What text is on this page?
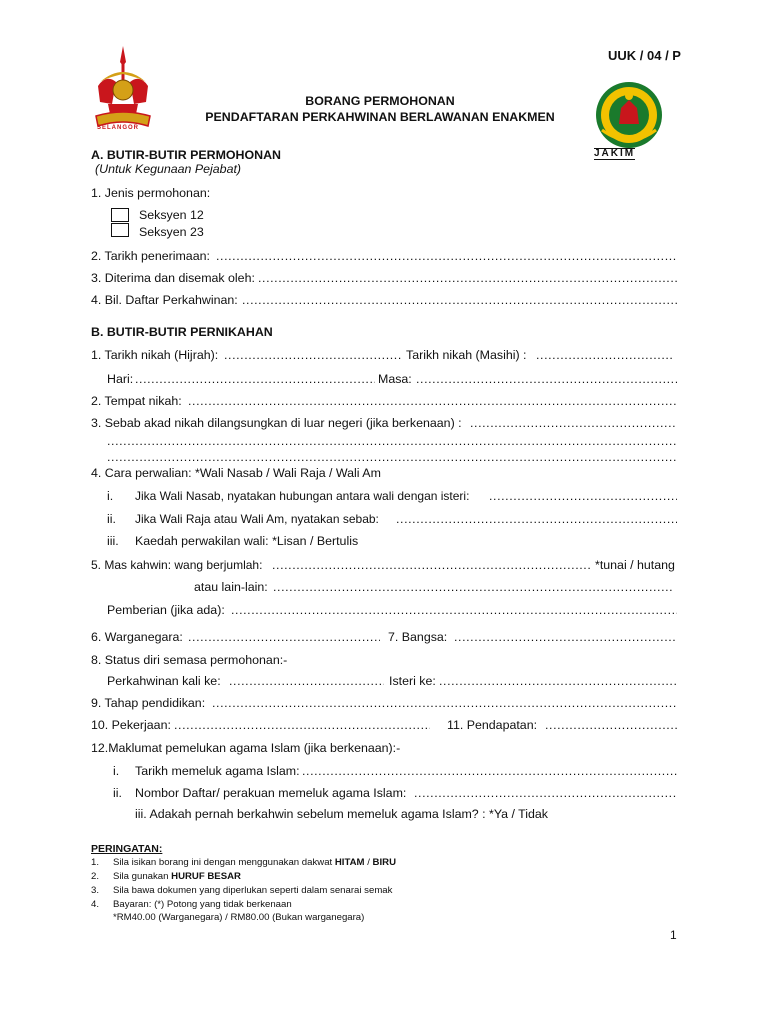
UUK / 04 / P
SELANGOR
JAKIM
BORANG PERMOHONAN
PENDAFTARAN PERKAHWINAN BERLAWANAN ENAKMEN
A. BUTIR-BUTIR PERMOHONAN
(Untuk Kegunaan Pejabat)
1. Jenis permohonan:
Seksyen 12
Seksyen 23
2. Tarikh penerimaan:
.....
3. Diterima dan disemak oleh:
.....
4. Bil. Daftar Perkahwinan:
.....
B. BUTIR-BUTIR PERNIKAHAN
1. Tarikh nikah (Hijrah): .....	Tarikh nikah (Masihi) :
.....
Hari: .....	Masa:
.....
2. Tempat nikah:
.....
3. Sebab akad nikah dilangsungkan di luar negeri (jika berkenaan) :
.....
.....
.....
4. Cara perwalian: *Wali Nasab / Wali Raja / Wali Am
i. Jika Wali Nasab, nyatakan hubungan antara wali dengan isteri:
.....
ii. Jika Wali Raja atau Wali Am, nyatakan sebab:
.....
iii. Kaedah perwakilan wali: *Lisan / Bertulis
5. Mas kahwin: wang berjumlah: .....	*tunai / hutang
atau lain-lain:
.....
Pemberian (jika ada):
.....
6. Warganegara: .....	7. Bangsa:
.....
8. Status diri semasa permohonan:-
Perkahwinan kali ke: .....	Isteri ke:
.....
9. Tahap pendidikan:
.....
10. Pekerjaan: .....	11. Pendapatan:
.....
12.Maklumat pemelukan agama Islam (jika berkenaan):-
i. Tarikh memeluk agama Islam:
.....
ii. Nombor Daftar/ perakuan memeluk agama Islam:
.....
iii. Adakah pernah berkahwin sebelum memeluk agama Islam? : *Ya / Tidak
PERINGATAN:
1. Sila isikan borang ini dengan menggunakan dakwat HITAM / BIRU
2. Sila gunakan HURUF BESAR
3. Sila bawa dokumen yang diperlukan seperti dalam senarai semak
4. Bayaran: (*) Potong yang tidak berkenaan
*RM40.00 (Warganegara) / RM80.00 (Bukan warganegara)
1
